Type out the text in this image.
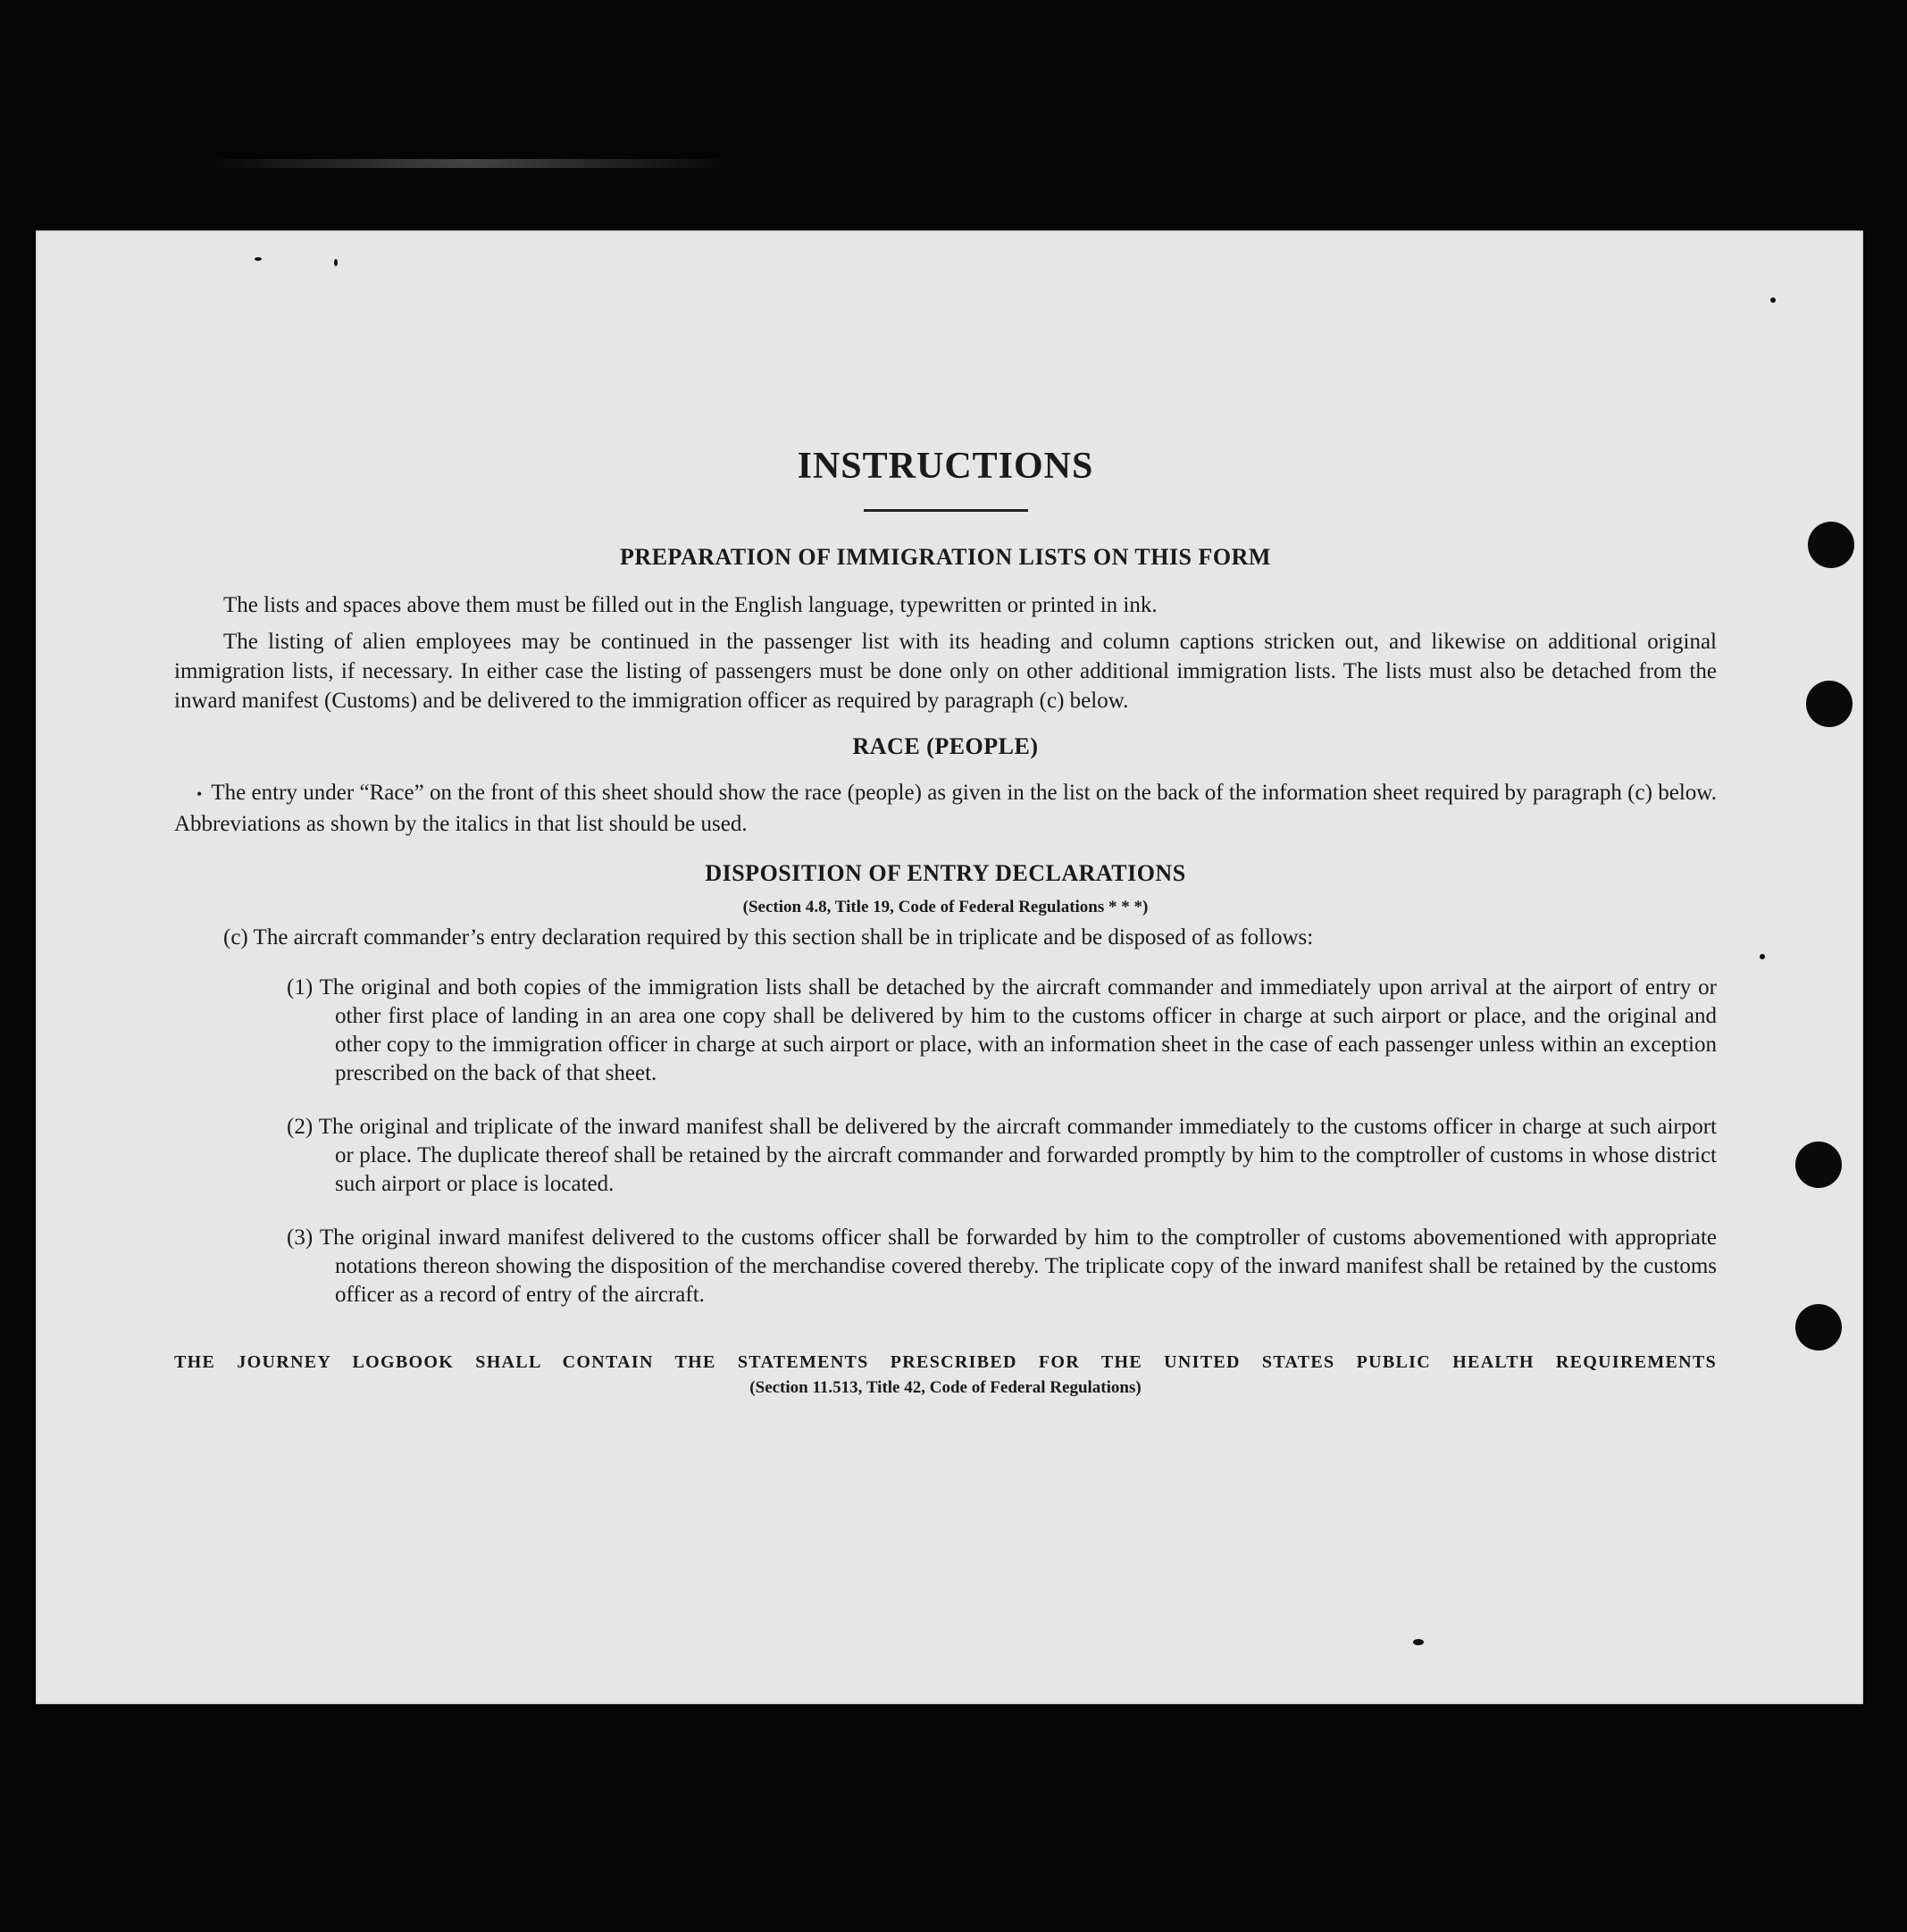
INSTRUCTIONS
PREPARATION OF IMMIGRATION LISTS ON THIS FORM

The lists and spaces above them must be filled out in the English language, typewritten or printed in ink.

The listing of alien employees may be continued in the passenger list with its heading and column captions stricken out, and likewise on additional original immigration lists, if necessary. In either case the listing of passengers must be done only on other additional immigration lists. The lists must also be detached from the inward manifest (Customs) and be delivered to the immigration officer as required by paragraph (c) below.

RACE (PEOPLE)

• The entry under “Race” on the front of this sheet should show the race (people) as given in the list on the back of the information sheet required by paragraph (c) below. Abbreviations as shown by the italics in that list should be used.

DISPOSITION OF ENTRY DECLARATIONS

(Section 4.8, Title 19, Code of Federal Regulations * * *)

(c) The aircraft commander’s entry declaration required by this section shall be in triplicate and be disposed of as follows:

(1) The original and both copies of the immigration lists shall be detached by the aircraft commander and immediately upon arrival at the airport of entry or other first place of landing in an area one copy shall be delivered by him to the customs officer in charge at such airport or place, and the original and other copy to the immigration officer in charge at such airport or place, with an information sheet in the case of each passenger unless within an exception prescribed on the back of that sheet.

(2) The original and triplicate of the inward manifest shall be delivered by the aircraft commander immediately to the customs officer in charge at such airport or place. The duplicate thereof shall be retained by the aircraft commander and forwarded promptly by him to the comptroller of customs in whose district such airport or place is located.

(3) The original inward manifest delivered to the customs officer shall be forwarded by him to the comptroller of customs abovementioned with appropriate notations thereon showing the disposition of the merchandise covered thereby. The triplicate copy of the inward manifest shall be retained by the customs officer as a record of entry of the aircraft.

THE JOURNEY LOGBOOK SHALL CONTAIN THE STATEMENTS PRESCRIBED FOR THE UNITED STATES PUBLIC HEALTH REQUIREMENTS

(Section 11.513, Title 42, Code of Federal Regulations)
